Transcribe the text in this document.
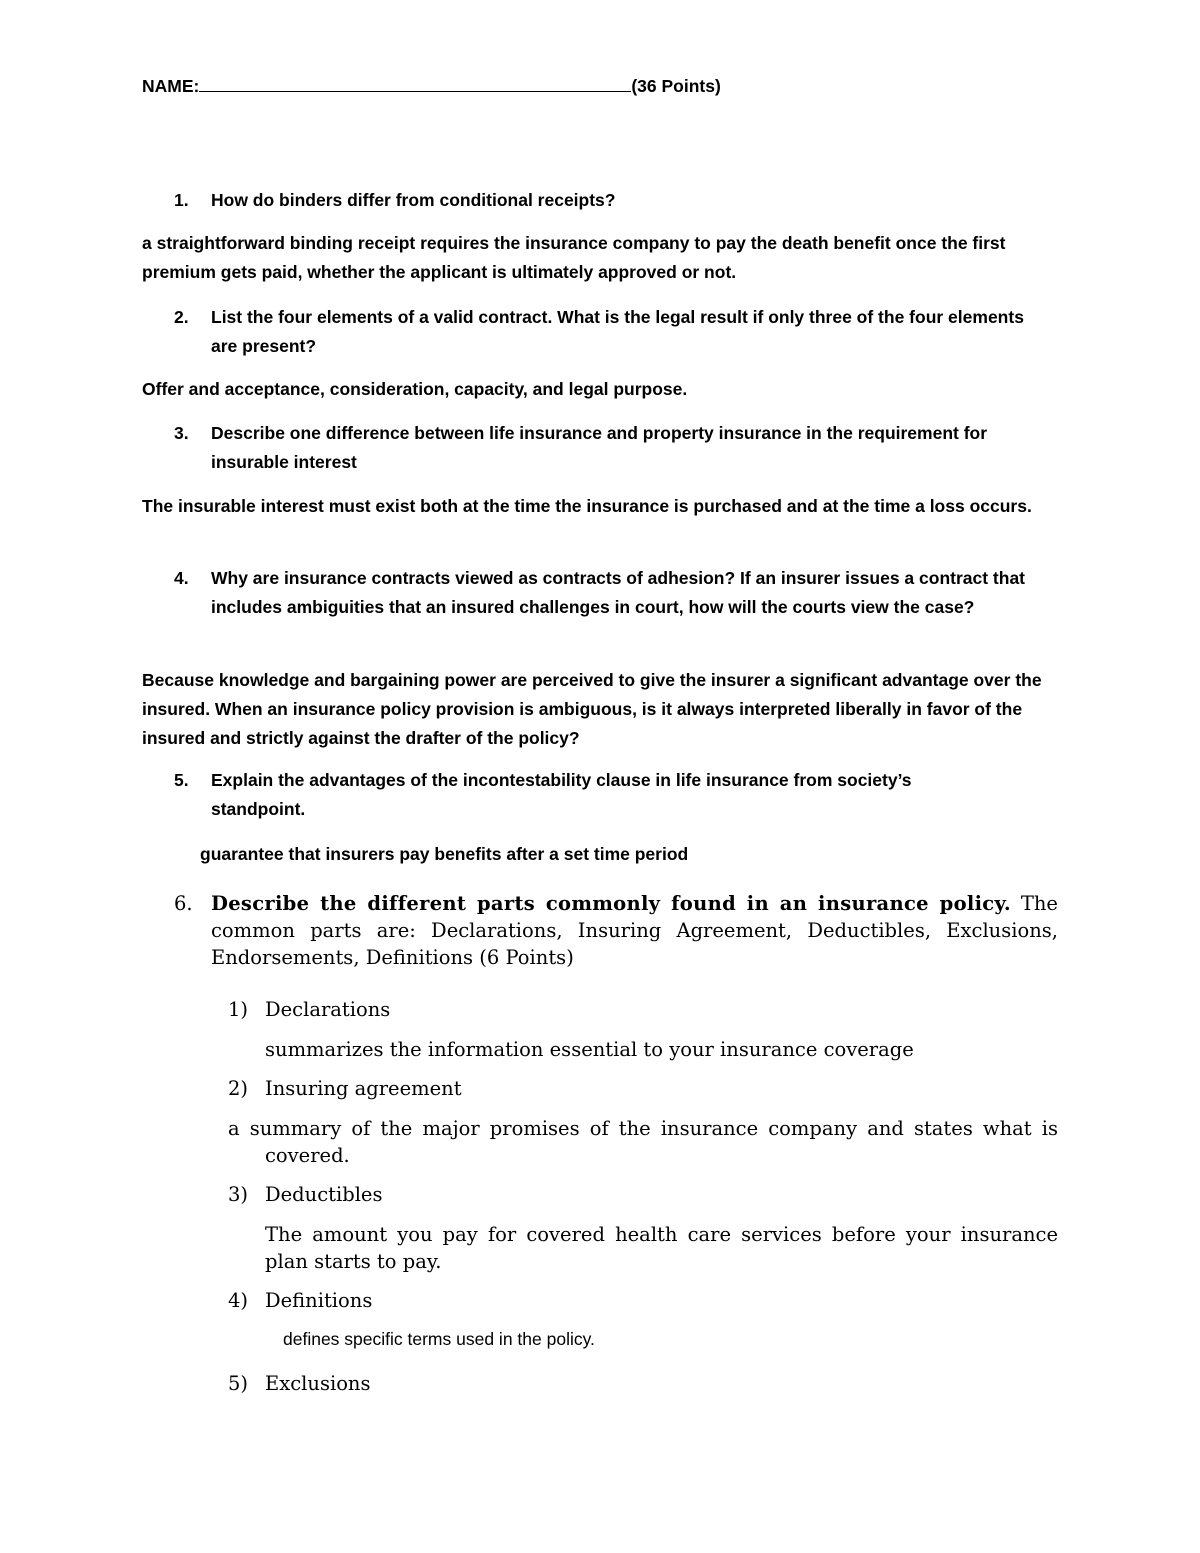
NAME:	(36 Points)
1. How do binders differ from conditional receipts?
a straightforward binding receipt requires the insurance company to pay the death benefit once the first premium gets paid, whether the applicant is ultimately approved or not.
2. List the four elements of a valid contract. What is the legal result if only three of the four elements are present?
Offer and acceptance, consideration, capacity, and legal purpose.
3. Describe one difference between life insurance and property insurance in the requirement for insurable interest
The insurable interest must exist both at the time the insurance is purchased and at the time a loss occurs.
4. Why are insurance contracts viewed as contracts of adhesion? If an insurer issues a contract that includes ambiguities that an insured challenges in court, how will the courts view the case?
Because knowledge and bargaining power are perceived to give the insurer a significant advantage over the insured. When an insurance policy provision is ambiguous, is it always interpreted liberally in favor of the insured and strictly against the drafter of the policy?
5. Explain the advantages of the incontestability clause in life insurance from society’s standpoint.
guarantee that insurers pay benefits after a set time period
6. Describe the different parts commonly found in an insurance policy. The common parts are: Declarations, Insuring Agreement, Deductibles, Exclusions, Endorsements, Definitions (6 Points)
1) Declarations
summarizes the information essential to your insurance coverage
2) Insuring agreement
a summary of the major promises of the insurance company and states what is covered.
3) Deductibles
The amount you pay for covered health care services before your insurance plan starts to pay.
4) Definitions
defines specific terms used in the policy.
5) Exclusions
